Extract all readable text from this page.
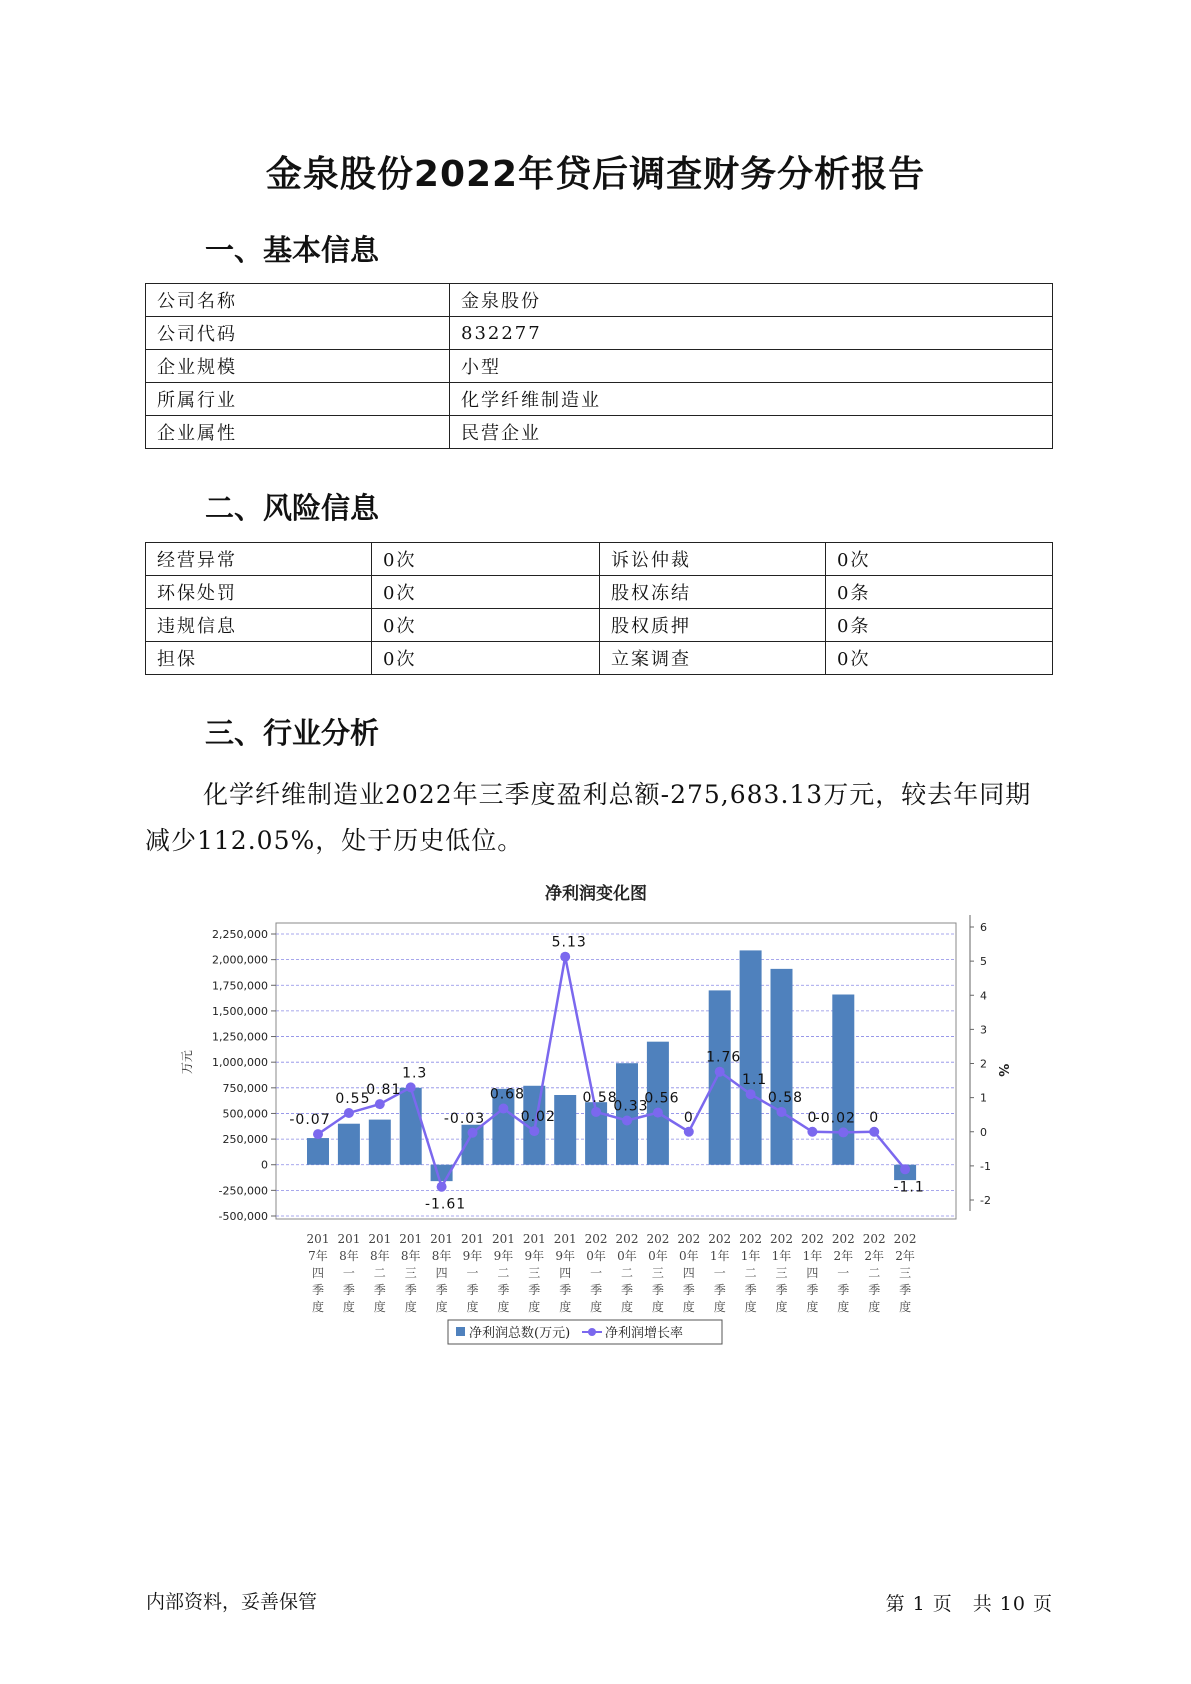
金泉股份2022年贷后调查财务分析报告
一、基本信息
公司名称	金泉股份
公司代码	832277
企业规模	小型
所属行业	化学纤维制造业
企业属性	民营企业
二、风险信息
经营异常	0次	诉讼仲裁	0次
环保处罚	0次	股权冻结	0条
违规信息	0次	股权质押	0条
担保	0次	立案调查	0次
三、行业分析
化学纤维制造业2022年三季度盈利总额-275,683.13万元，较去年同期减少112.05%，处于历史低位。
净利润变化图
-500,000
-250,000
0
250,000
500,000
750,000
1,000,000
1,250,000
1,500,000
1,750,000
2,000,000
2,250,000
-2
-1
0
1
2
3
4
5
6
万元	%
201
7年
四
季
度
201
8年
一
季
度
201
8年
二
季
度
201
8年
三
季
度
201
8年
四
季
度
201
9年
一
季
度
201
9年
二
季
度
201
9年
三
季
度
201
9年
四
季
度
202
0年
一
季
度
202
0年
二
季
度
202
0年
三
季
度
202
0年
四
季
度
202
1年
一
季
度
202
1年
二
季
度
202
1年
三
季
度
202
1年
四
季
度
202
2年
一
季
度
202
2年
二
季
度
202
2年
三
季
度
-0.07
0.55
0.81
1.3
-1.61
-0.03
0.68
0.02
5.13
0.58
0.33
0.56
0
1.76
1.1
0.58
0
-0.02 0
-1.1
净利润总数(万元)	净利润增长率
内部资料，妥善保管	第 1 页　共 10 页
